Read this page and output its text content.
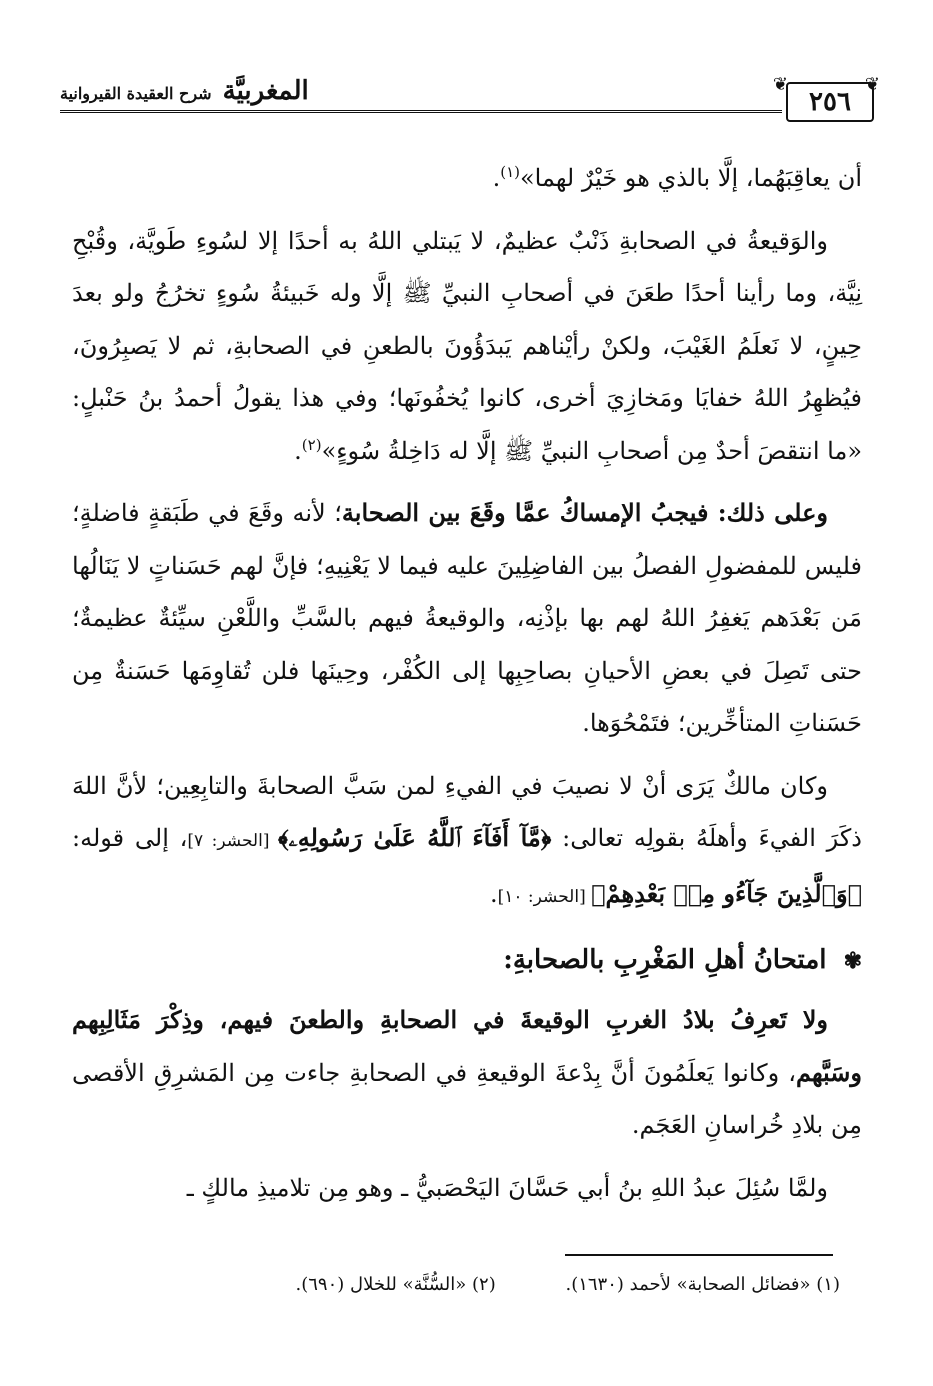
المغربيَّة شرح العقيدة القيروانية	❦
٢٥٦
❦

أن يعاقِبَهُما، إلَّا بالذي هو خَيْرٌ لهما»$^{(١)}$.

والوَقيعةُ في الصحابةِ ذَنْبٌ عظيمٌ، لا يَبتلي اللهُ به أحدًا إلا لسُوءِ طَويَّة، وقُبْحِ نِيَّة، وما رأينا أحدًا طعَنَ في أصحابِ النبيِّ ﷺ إلَّا وله خَبيئةُ سُوءٍ تخرُجُ ولو بعدَ حِينٍ، لا نَعلَمُ الغَيْبَ، ولكنْ رأيْناهم يَبدَؤُونَ بالطعنِ في الصحابةِ، ثم لا يَصبِرُونَ، فيُظهِرُ اللهُ خفايَا ومَخازِيَ أخرى، كانوا يُخفُونَها؛ وفي هذا يقولُ أحمدُ بنُ حَنْبلٍ: «ما انتقصَ أحدٌ مِن أصحابِ النبيِّ ﷺ إلَّا له دَاخِلةُ سُوءٍ»$^{(٢)}$.

وعلى ذلك: فيجبُ الإمساكُ عمَّا وقَعَ بين الصحابة؛ لأنه وقَعَ في طَبَقةٍ فاضلةٍ؛ فليس للمفضولِ الفصلُ بين الفاضِلِينَ عليه فيما لا يَعْنِيهِ؛ فإنَّ لهم حَسَناتٍ لا يَنَالُها مَن بَعْدَهم يَغفِرُ اللهُ لهم بها بإذْنِه، والوقيعةُ فيهم بالسَّبِّ واللَّعْنِ سيِّئةٌ عظيمةٌ؛ حتى تَصِلَ في بعضِ الأحيانِ بصاحِبِها إلى الكُفْر، وحِينَها فلن تُقاوِمَها حَسَنةٌ مِن حَسَناتِ المتأخِّرين؛ فتَمْحُوَها.

وكان مالكٌ يَرَى أنْ لا نصيبَ في الفيءِ لمن سَبَّ الصحابةَ والتابِعِين؛ لأنَّ اللهَ ذكَرَ الفيءَ وأهلَهُ بقولِه تعالى: ﴿مَّآ أَفَآءَ ٱللَّهُ عَلَىٰ رَسُولِهِۦ﴾ [الحشر: ٧]، إلى قوله: ﴿وَٱلَّذِينَ جَآءُو مِنۢ بَعْدِهِمْ﴾ [الحشر: ١٠].

✾ امتحانُ أهلِ المَغْرِبِ بالصحابةِ:

ولا تَعرِفُ بلادُ الغربِ الوقيعةَ في الصحابةِ والطعنَ فيهم، وذِكْرَ مَثَالِبِهم وسَبَّهم، وكانوا يَعلَمُونَ أنَّ بِدْعةَ الوقيعةِ في الصحابةِ جاءت مِن المَشرِقِ الأقصى مِن بلادِ خُراسانِ العَجَم.

ولمَّا سُئِلَ عبدُ اللهِ بنُ أبي حَسَّانَ اليَحْصَبيُّ ـ وهو مِن تلاميذِ مالكٍ ـ

(١) «فضائل الصحابة» لأحمد (١٦٣٠). (٢) «السُّنَّة» للخلال (٦٩٠).
